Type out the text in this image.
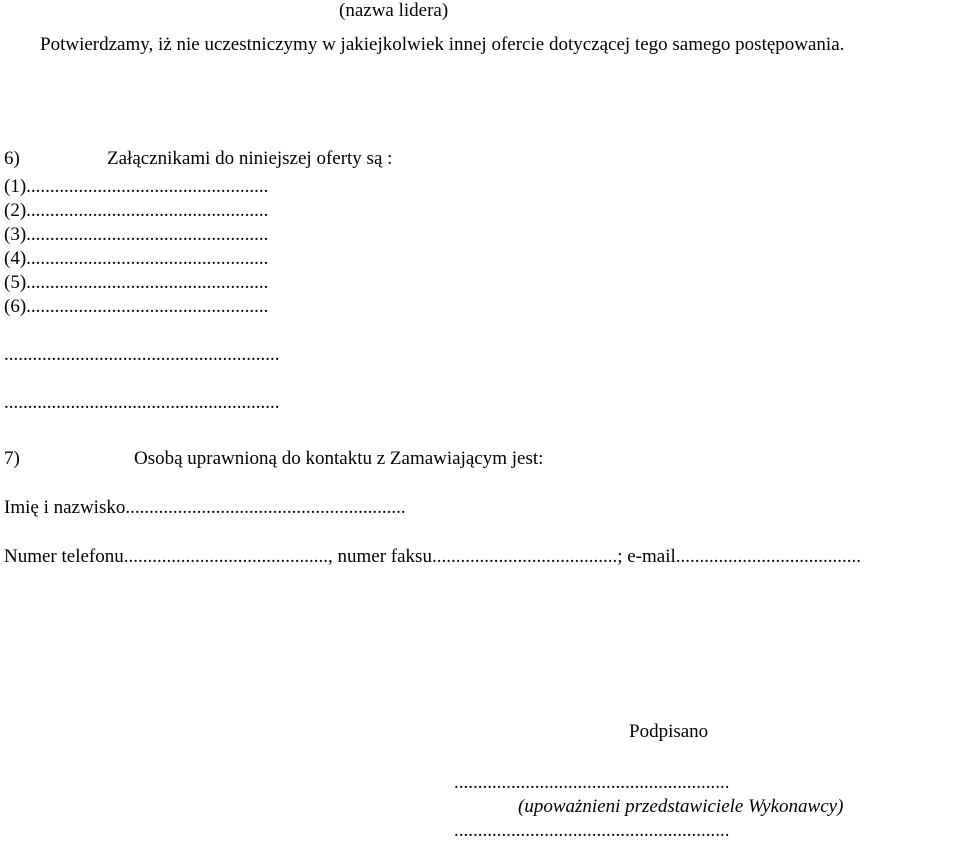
(nazwa lidera)
Potwierdzamy, iż nie uczestniczymy w jakiejkolwiek innej ofercie dotyczącej tego samego postępowania.
6)	Załącznikami do niniejszej oferty są :
(1)...................................................
(2)...................................................
(3)...................................................
(4)...................................................
(5)...................................................
(6)...................................................
..........................................................
..........................................................
7)	Osobą uprawnioną do kontaktu z Zamawiającym jest:
Imię i nazwisko...........................................................
Numer telefonu..........................................., numer faksu.......................................; e-mail.......................................
Podpisano
..........................................................
(upoważnieni przedstawiciele Wykonawcy)
..........................................................
